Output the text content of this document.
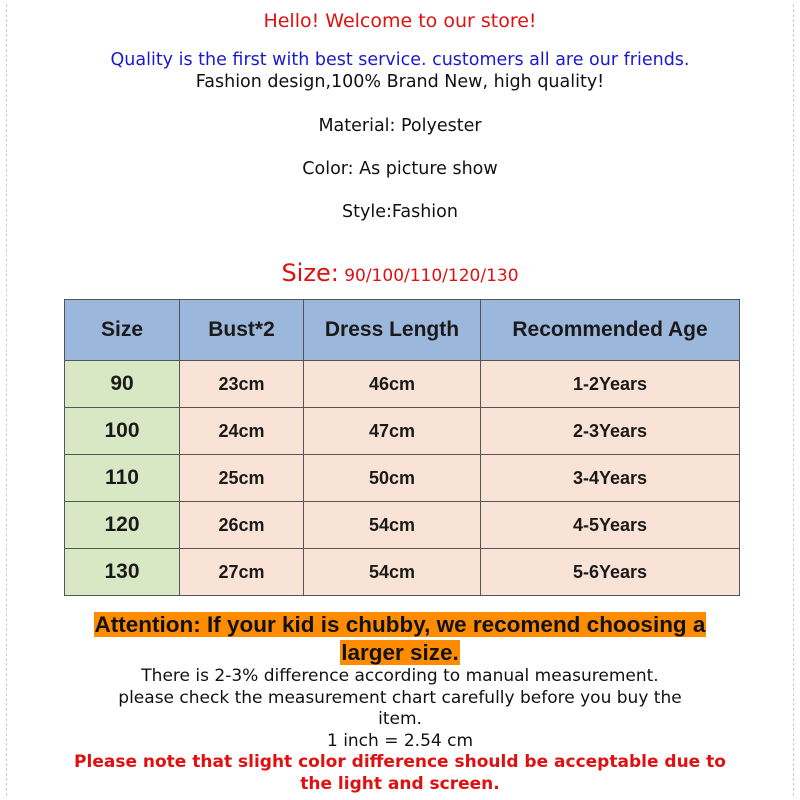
Hello! Welcome to our store!
Quality is the first with best service. customers all are our friends.
Fashion design,100% Brand New, high quality!
Material: Polyester
Color: As picture show
Style:Fashion
Size: 90/100/110/120/130
Size	Bust*2	Dress Length	Recommended Age
90	23cm	46cm	1-2Years
100	24cm	47cm	2-3Years
110	25cm	50cm	3-4Years
120	26cm	54cm	4-5Years
130	27cm	54cm	5-6Years
Attention: If your kid is chubby, we recomend choosing a
larger size.
There is 2-3% difference according to manual measurement.
please check the measurement chart carefully before you buy the
item.
1 inch = 2.54 cm
Please note that slight color difference should be acceptable due to
the light and screen.
